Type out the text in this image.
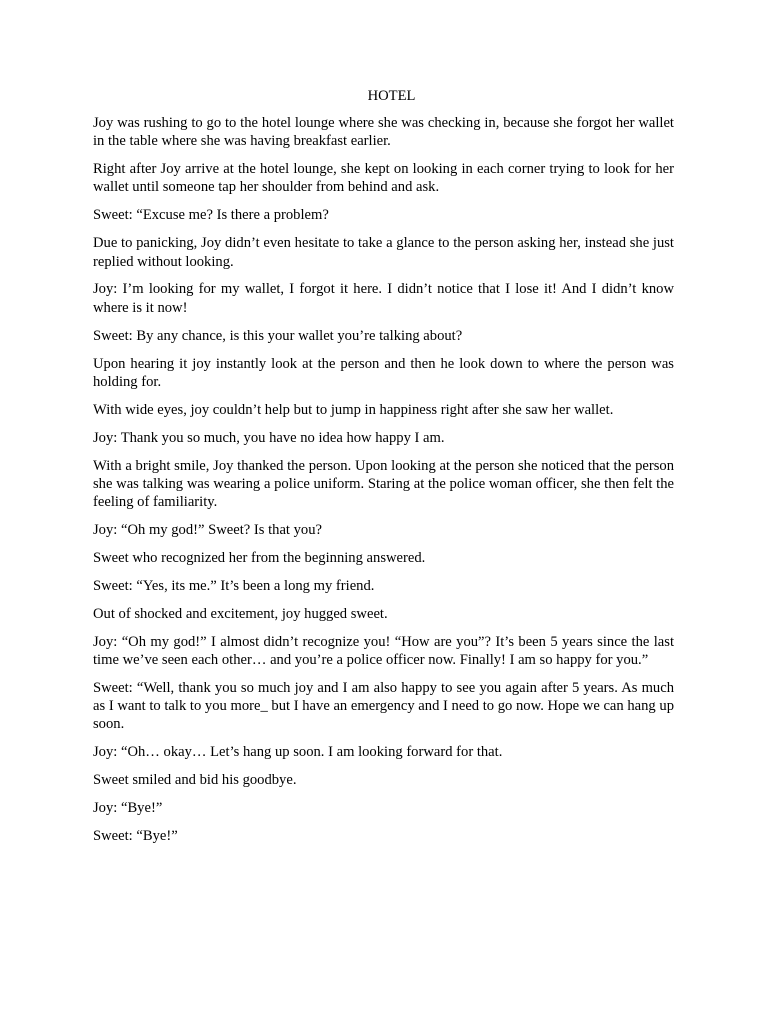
HOTEL

Joy was rushing to go to the hotel lounge where she was checking in, because she forgot her wallet in the table where she was having breakfast earlier.

Right after Joy arrive at the hotel lounge, she kept on looking in each corner trying to look for her wallet until someone tap her shoulder from behind and ask.

Sweet: “Excuse me? Is there a problem?

Due to panicking, Joy didn’t even hesitate to take a glance to the person asking her, instead she just replied without looking.

Joy: I’m looking for my wallet, I forgot it here. I didn’t notice that I lose it! And I didn’t know where is it now!

Sweet: By any chance, is this your wallet you’re talking about?

Upon hearing it joy instantly look at the person and then he look down to where the person was holding for.

With wide eyes, joy couldn’t help but to jump in happiness right after she saw her wallet.

Joy: Thank you so much, you have no idea how happy I am.

With a bright smile, Joy thanked the person. Upon looking at the person she noticed that the person she was talking was wearing a police uniform. Staring at the police woman officer, she then felt the feeling of familiarity.

Joy: “Oh my god!” Sweet? Is that you?

Sweet who recognized her from the beginning answered.

Sweet: “Yes, its me.” It’s been a long my friend.

Out of shocked and excitement, joy hugged sweet.

Joy: “Oh my god!” I almost didn’t recognize you! “How are you”? It’s been 5 years since the last time we’ve seen each other… and you’re a police officer now. Finally! I am so happy for you.”

Sweet: “Well, thank you so much joy and I am also happy to see you again after 5 years. As much as I want to talk to you more_ but I have an emergency and I need to go now. Hope we can hang up soon.

Joy: “Oh… okay… Let’s hang up soon. I am looking forward for that.

Sweet smiled and bid his goodbye.

Joy: “Bye!”

Sweet: “Bye!”
